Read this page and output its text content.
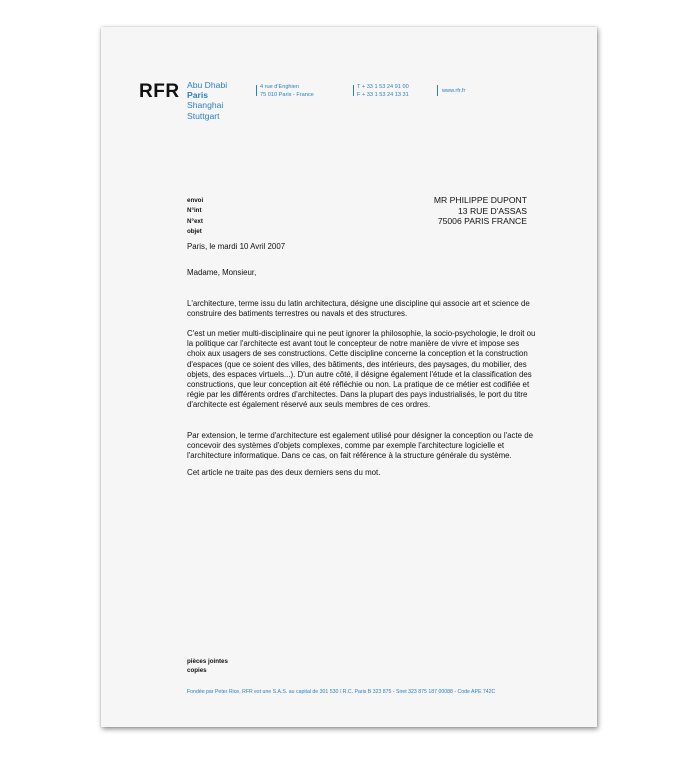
RFR Abu Dhabi
Paris
Shanghai
Stuttgart
4 rue d'Enghien
75 010 Paris - France
T + 33 1 53 24 91 00
F + 33 1 53 24 13 31
www.rfr.fr
envoi
N°int
N°ext
objet
MR PHILIPPE DUPONT
13 RUE D'ASSAS
75006 PARIS FRANCE
Paris, le mardi 10 Avril 2007
Madame, Monsieur,

L'architecture, terme issu du latin architectura, désigne une discipline qui associe art et science de construire des batiments terrestres ou navals et des structures.

C'est un metier multi-disciplinaire qui ne peut ignorer la philosophie, la socio-psychologie, le droit ou la politique car l'architecte est avant tout le concepteur de notre manière de vivre et impose ses choix aux usagers de ses constructions. Cette discipline concerne la conception et la construction d'espaces (que ce soient des villes, des bâtiments, des intérieurs, des paysages, du mobilier, des objets, des espaces virtuels...). D'un autre côté, il désigne également l'étude et la classification des constructions, que leur conception ait été réfléchie ou non. La pratique de ce métier est codifiée et régie par les différents ordres d'architectes. Dans la plupart des pays industrialisés, le port du titre d'architecte est également réservé aux seuls membres de ces ordres.

Par extension, le terme d'architecture est egalement utilisé pour désigner la conception ou l'acte de concevoir des systèmes d'objets complexes, comme par exemple l'architecture logicielle et l'architecture informatique. Dans ce cas, on fait référence à la structure générale du système.

Cet article ne traite pas des deux derniers sens du mot.
pièces jointes
copies
Fondée par Peter Rice, RFR est une S.A.S. au capital de 301 530 / R.C. Paris B 323 875 - Siret 323 875 187 00088 - Code APE 742C
